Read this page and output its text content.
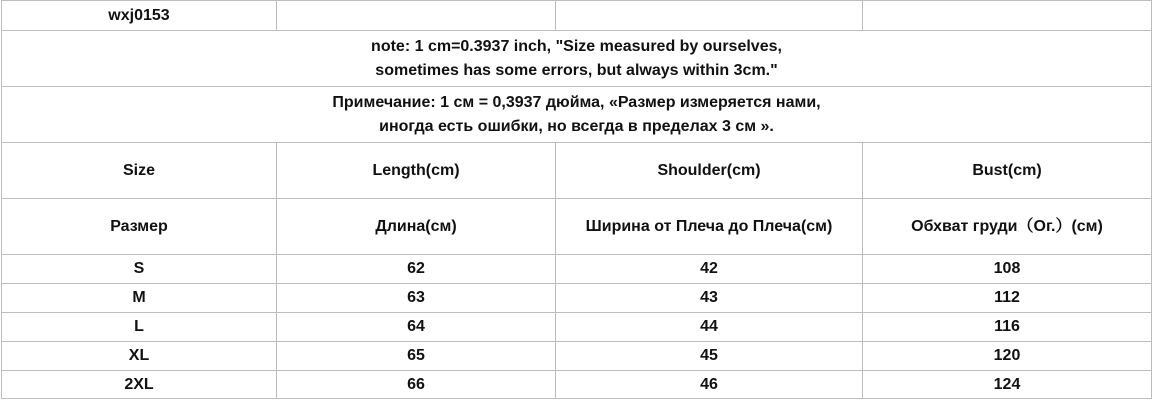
wxj0153			

note: 1 cm=0.3937 inch, "Size measured by ourselves,
sometimes has some errors, but always within 3cm."			

Примечание: 1 см = 0,3937 дюйма, «Размер измеряется нами,
иногда есть ошибки, но всегда в пределах 3 см ».			

Size	Length(cm)	Shoulder(cm)	Bust(cm)
Размер	Длина(см)	Ширина от Плеча до Плеча(см)	Обхват груди（Ог.）(см)
S	62	42	108
M	63	43	112
L	64	44	116
XL	65	45	120
2XL	66	46	124
